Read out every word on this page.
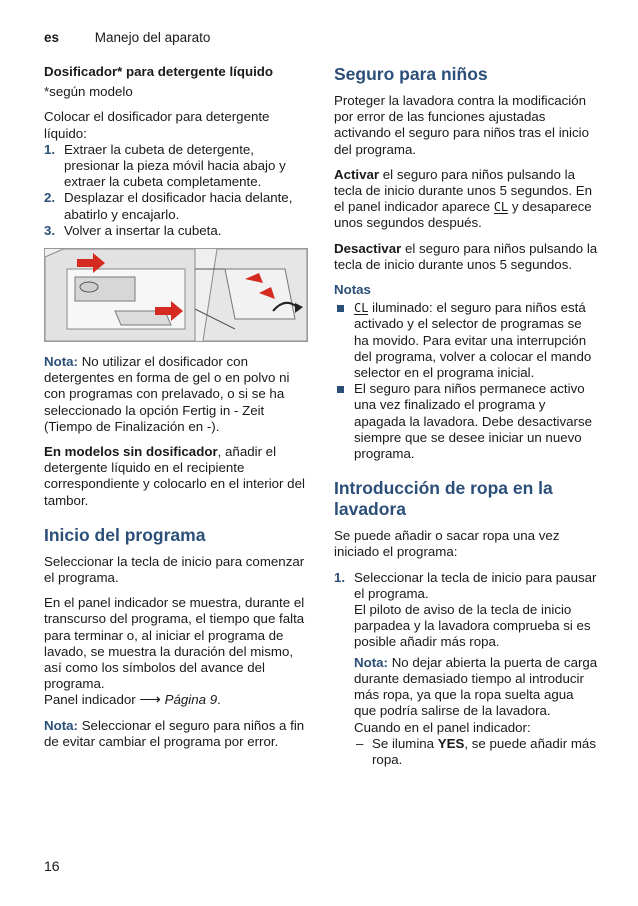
es	Manejo del aparato
Dosificador* para detergente líquido

*según modelo

Colocar el dosificador para detergente líquido:

1. Extraer la cubeta de detergente, presionar la pieza móvil hacia abajo y extraer la cubeta completamente.
2. Desplazar el dosificador hacia delante, abatirlo y encajarlo.
3. Volver a insertar la cubeta.

Nota: No utilizar el dosificador con detergentes en forma de gel o en polvo ni con programas con prelavado, o si se ha seleccionado la opción Fertig in - Zeit (Tiempo de Finalización en -).

En modelos sin dosificador, añadir el detergente líquido en el recipiente correspondiente y colocarlo en el interior del tambor.

Inicio del programa

Seleccionar la tecla de inicio para comenzar el programa.

En el panel indicador se muestra, durante el transcurso del programa, el tiempo que falta para terminar o, al iniciar el programa de lavado, se muestra la duración del mismo, así como los símbolos del avance del programa.
Panel indicador ⟶ Página 9.

Nota: Seleccionar el seguro para niños a fin de evitar cambiar el programa por error.

Seguro para niños

Proteger la lavadora contra la modificación por error de las funciones ajustadas activando el seguro para niños tras el inicio del programa.

Activar el seguro para niños pulsando la tecla de inicio durante unos 5 segundos. En el panel indicador aparece CL y desaparece unos segundos después.

Desactivar el seguro para niños pulsando la tecla de inicio durante unos 5 segundos.

Notas
CL iluminado: el seguro para niños está activado y el selector de programas se ha movido. Para evitar una interrupción del programa, volver a colocar el mando selector en el programa inicial.
El seguro para niños permanece activo una vez finalizado el programa y apagada la lavadora. Debe desactivarse siempre que se desee iniciar un nuevo programa.
Introducción de ropa en la lavadora

Se puede añadir o sacar ropa una vez iniciado el programa:

1. Seleccionar la tecla de inicio para pausar el programa.
El piloto de aviso de la tecla de inicio parpadea y la lavadora comprueba si es posible añadir más ropa.
Nota: No dejar abierta la puerta de carga durante demasiado tiempo al introducir más ropa, ya que la ropa suelta agua que podría salirse de la lavadora.
Cuando en el panel indicador:
– Se ilumina YES, se puede añadir más ropa.
16
